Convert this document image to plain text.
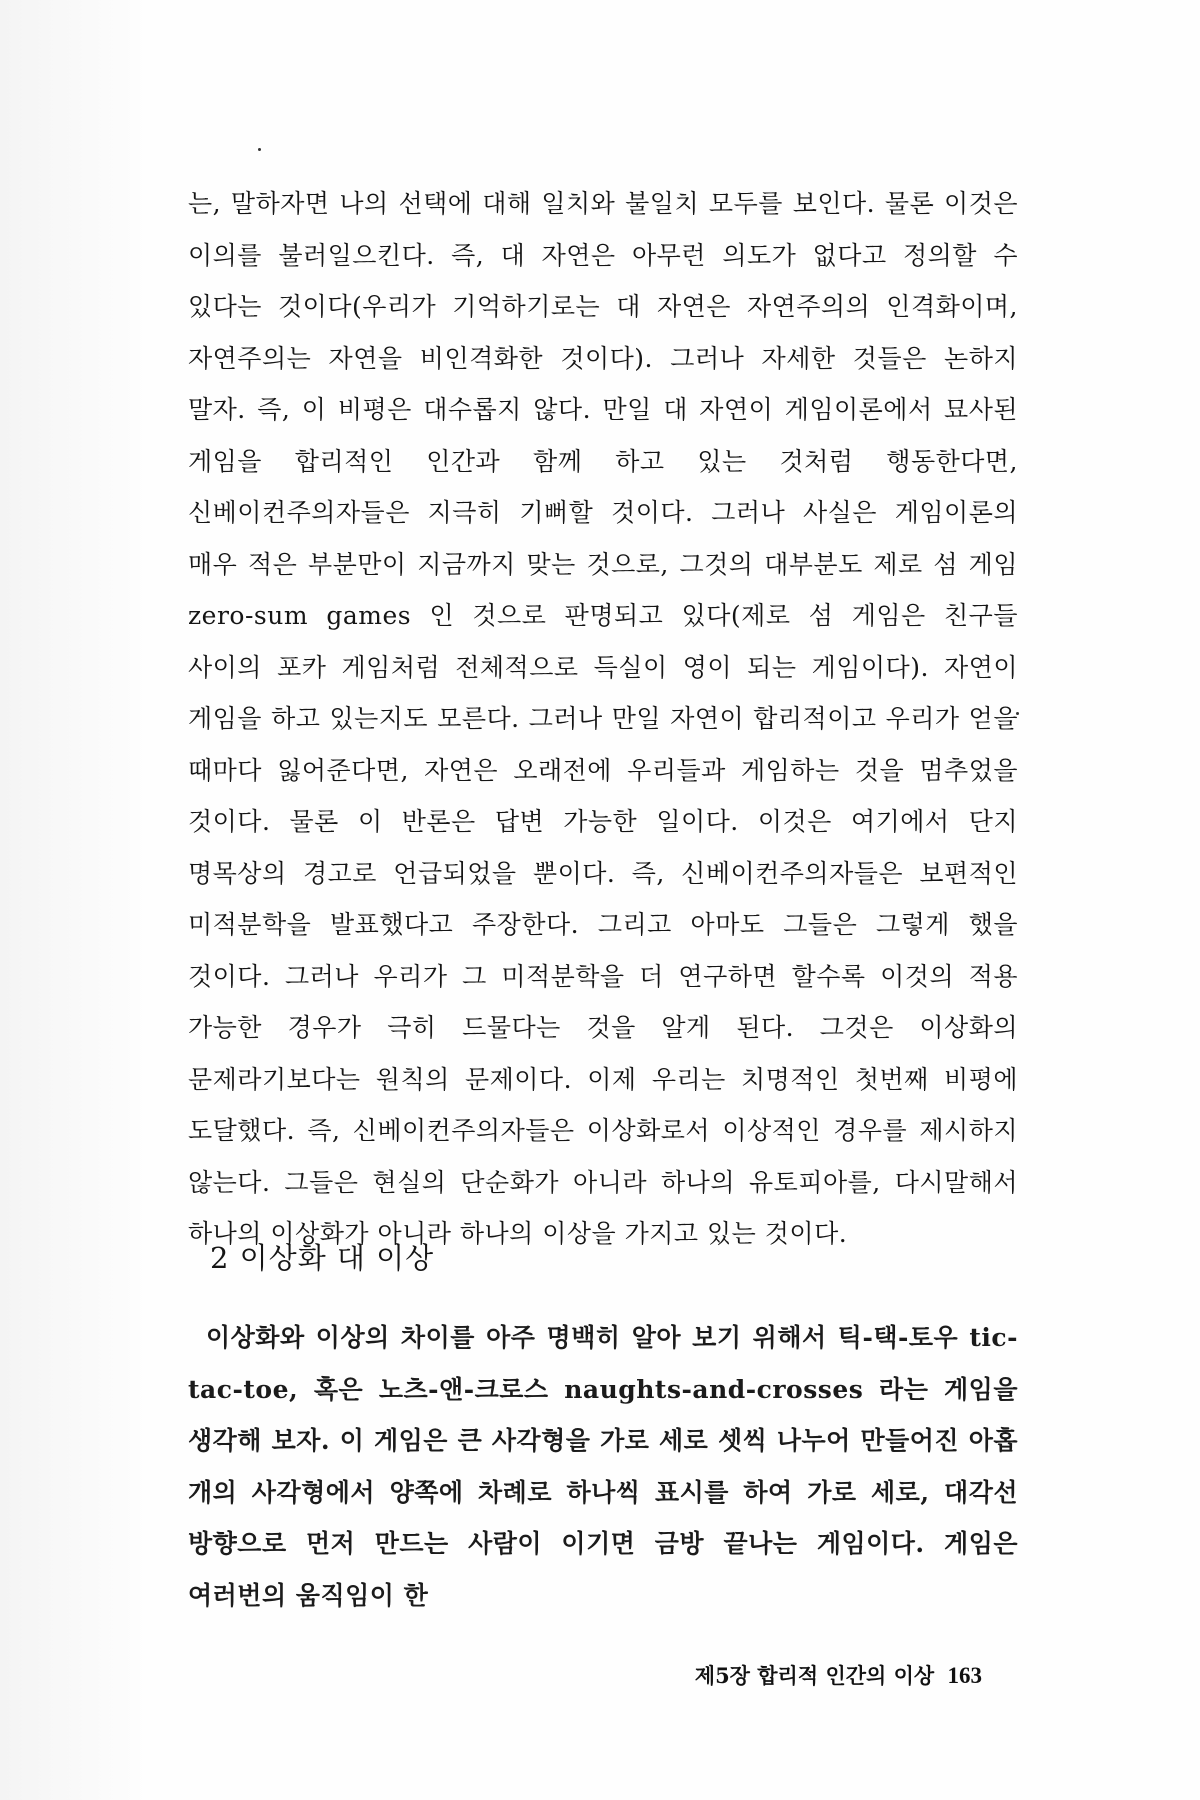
는, 말하자면 나의 선택에 대해 일치와 불일치 모두를 보인다. 물론 이것은 이의를 불러일으킨다. 즉, 대 자연은 아무런 의도가 없다고 정의할 수 있다는 것이다(우리가 기억하기로는 대 자연은 자연주의의 인격화이며, 자연주의는 자연을 비인격화한 것이다). 그러나 자세한 것들은 논하지 말자. 즉, 이 비평은 대수롭지 않다. 만일 대 자연이 게임이론에서 묘사된 게임을 합리적인 인간과 함께 하고 있는 것처럼 행동한다면, 신베이컨주의자들은 지극히 기뻐할 것이다. 그러나 사실은 게임이론의 매우 적은 부분만이 지금까지 맞는 것으로, 그것의 대부분도 제로 섬 게임 zero-sum games 인 것으로 판명되고 있다(제로 섬 게임은 친구들 사이의 포카 게임처럼 전체적으로 득실이 영이 되는 게임이다). 자연이 게임을 하고 있는지도 모른다. 그러나 만일 자연이 합리적이고 우리가 얻을 때마다 잃어준다면, 자연은 오래전에 우리들과 게임하는 것을 멈추었을 것이다. 물론 이 반론은 답변 가능한 일이다. 이것은 여기에서 단지 명목상의 경고로 언급되었을 뿐이다. 즉, 신베이컨주의자들은 보편적인 미적분학을 발표했다고 주장한다. 그리고 아마도 그들은 그렇게 했을 것이다. 그러나 우리가 그 미적분학을 더 연구하면 할수록 이것의 적용 가능한 경우가 극히 드물다는 것을 알게 된다. 그것은 이상화의 문제라기보다는 원칙의 문제이다. 이제 우리는 치명적인 첫번째 비평에 도달했다. 즉, 신베이컨주의자들은 이상화로서 이상적인 경우를 제시하지 않는다. 그들은 현실의 단순화가 아니라 하나의 유토피아를, 다시말해서 하나의 이상화가 아니라 하나의 이상을 가지고 있는 것이다.

2 이상화 대 이상

이상화와 이상의 차이를 아주 명백히 알아 보기 위해서 틱-택-토우 tic-tac-toe, 혹은 노츠-앤-크로스 naughts-and-crosses 라는 게임을 생각해 보자. 이 게임은 큰 사각형을 가로 세로 셋씩 나누어 만들어진 아홉 개의 사각형에서 양쪽에 차례로 하나씩 표시를 하여 가로 세로, 대각선 방향으로 먼저 만드는 사람이 이기면 금방 끝나는 게임이다. 게임은 여러번의 움직임이 한

제5장 합리적 인간의 이상 163
